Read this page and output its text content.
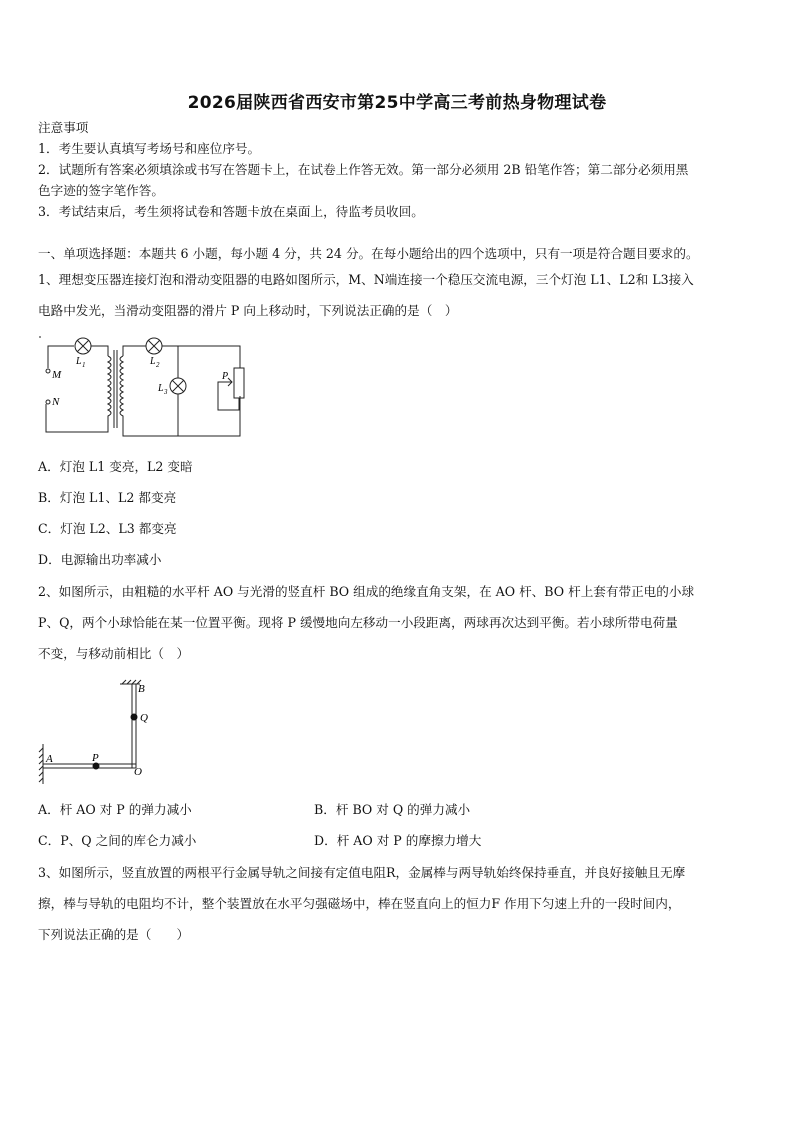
2026届陕西省西安市第25中学高三考前热身物理试卷
注意事项
1．考生要认真填写考场号和座位序号。
2．试题所有答案必须填涂或书写在答题卡上，在试卷上作答无效。第一部分必须用 2B 铅笔作答；第二部分必须用黑
色字迹的签字笔作答。
3．考试结束后，考生须将试卷和答题卡放在桌面上，待监考员收回。
一、单项选择题：本题共 6 小题，每小题 4 分，共 24 分。在每小题给出的四个选项中，只有一项是符合题目要求的。
1、理想变压器连接灯泡和滑动变阻器的电路如图所示，M、N端连接一个稳压交流电源，三个灯泡 L1、L2和 L3接入
电路中发光，当滑动变阻器的滑片 P 向上移动时，下列说法正确的是（　）
M
N
L 1	L 2
L 3
P
A．灯泡 L1 变亮，L2 变暗
B．灯泡 L1、L2 都变亮
C．灯泡 L2、L3 都变亮
D．电源输出功率减小
2、如图所示，由粗糙的水平杆 AO 与光滑的竖直杆 BO 组成的绝缘直角支架，在 AO 杆、BO 杆上套有带正电的小球
P、Q，两个小球恰能在某一位置平衡。现将 P 缓慢地向左移动一小段距离，两球再次达到平衡。若小球所带电荷量
不变，与移动前相比（　）
B
Q
A	P
O
A．杆 AO 对 P 的弹力减小	B．杆 BO 对 Q 的弹力减小
C．P、Q 之间的库仑力减小	D．杆 AO 对 P 的摩擦力增大
3、如图所示，竖直放置的两根平行金属导轨之间接有定值电阻R，金属棒与两导轨始终保持垂直，并良好接触且无摩
擦，棒与导轨的电阻均不计，整个装置放在水平匀强磁场中，棒在竖直向上的恒力F 作用下匀速上升的一段时间内，
下列说法正确的是（　　）
